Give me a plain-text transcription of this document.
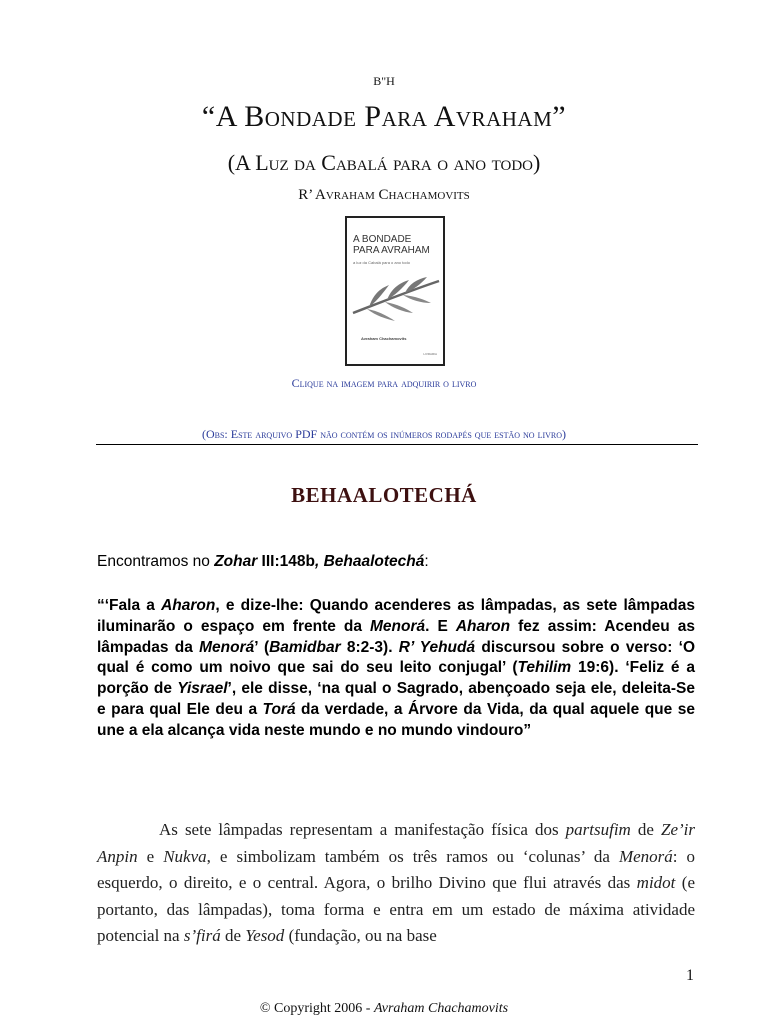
B"H
“A Bondade Para Avraham”
(A Luz da Cabalá para o ano todo)
R’ Avraham Chachamovits
A BONDADE
PARA AVRAHAM
a luz da Cabalá para o ano todo
Avraham Chachamovits
LIVRARIA
Clique na imagem para adquirir o livro
(Obs: Este arquivo PDF não contém os inúmeros rodapés que estão no livro)
BEHAALOTECHÁ
Encontramos no Zohar III:148b, Behaalotechá:
“‘Fala a Aharon, e dize-lhe: Quando acenderes as lâmpadas, as sete lâmpadas iluminarão o espaço em frente da Menorá. E Aharon fez assim: Acendeu as lâmpadas da Menorá’ (Bamidbar 8:2-3). R’ Yehudá discursou sobre o verso: ‘O qual é como um noivo que sai do seu leito conjugal’ (Tehilim 19:6). ‘Feliz é a porção de Yisrael’, ele disse, ‘na qual o Sagrado, abençoado seja ele, deleita-Se e para qual Ele deu a Torá da verdade, a Árvore da Vida, da qual aquele que se une a ela alcança vida neste mundo e no mundo vindouro”
As sete lâmpadas representam a manifestação física dos partsufim de Ze’ir Anpin e Nukva, e simbolizam também os três ramos ou ‘colunas’ da Menorá: o esquerdo, o direito, e o central. Agora, o brilho Divino que flui através das midot (e portanto, das lâmpadas), toma forma e entra em um estado de máxima atividade potencial na s’firá de Yesod (fundação, ou na base
1
© Copyright 2006 - Avraham Chachamovits
